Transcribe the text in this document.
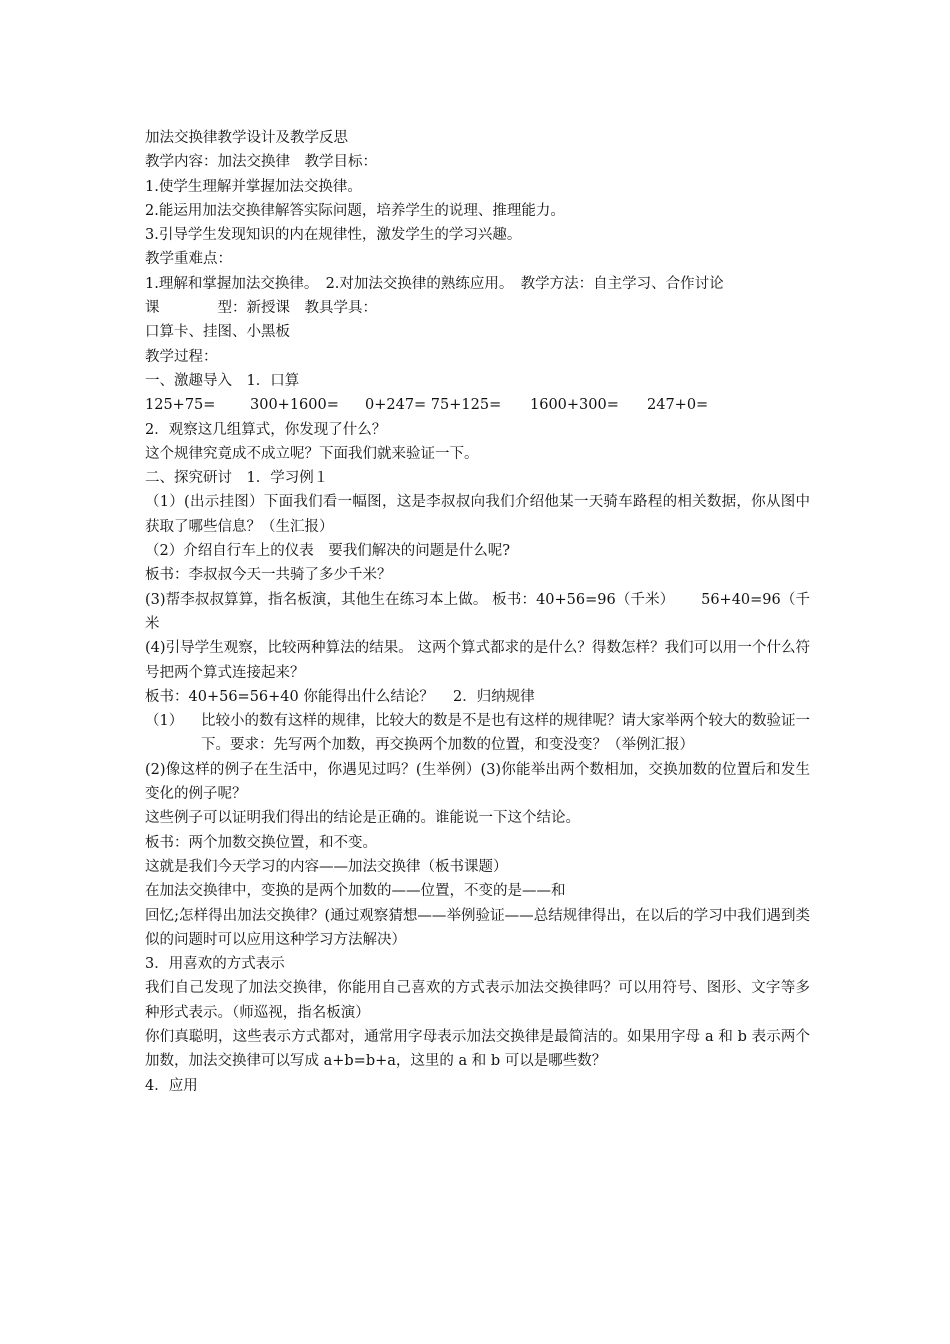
加法交换律教学设计及教学反思
教学内容：加法交换律　教学目标：
1.使学生理解并掌握加法交换律。
2.能运用加法交换律解答实际问题，培养学生的说理、推理能力。
3.引导学生发现知识的内在规律性，激发学生的学习兴趣。
教学重难点：
1.理解和掌握加法交换律。　2.对加法交换律的熟练应用。　教学方法：自主学习、合作讨论
课　　　　型：新授课　教具学具：
口算卡、挂图、小黑板
教学过程：
一、激趣导入　1．口算
125+75= 300+1600= 0+247= 75+125= 1600+300= 247+0=
2．观察这几组算式，你发现了什么？
这个规律究竟成不成立呢？下面我们就来验证一下。
二、探究研讨　1．学习例１
（1）(出示挂图）下面我们看一幅图，这是李叔叔向我们介绍他某一天骑车路程的相关数据，你从图中获取了哪些信息？（生汇报）
（2）介绍自行车上的仪表　要我们解决的问题是什么呢?
板书：李叔叔今天一共骑了多少千米？
(3)帮李叔叔算算，指名板演，其他生在练习本上做。 板书：40+56=96（千米）　　 56+40=96（千米
(4)引导学生观察，比较两种算法的结果。 这两个算式都求的是什么？得数怎样？我们可以用一个什么符号把两个算式连接起来？
板书：40+56=56+40 你能得出什么结论？　 2．归纳规律
（1）	比较小的数有这样的规律，比较大的数是不是也有这样的规律呢？请大家举两个较大的数验证一下。要求：先写两个加数，再交换两个加数的位置，和变没变？（举例汇报）
(2)像这样的例子在生活中，你遇见过吗？(生举例）(3)你能举出两个数相加，交换加数的位置后和发生变化的例子呢？
这些例子可以证明我们得出的结论是正确的。谁能说一下这个结论。
板书：两个加数交换位置，和不变。
这就是我们今天学习的内容——加法交换律（板书课题）
在加法交换律中，变换的是两个加数的——位置，不变的是——和
回忆;怎样得出加法交换律？(通过观察猜想——举例验证——总结规律得出，在以后的学习中我们遇到类似的问题时可以应用这种学习方法解决）
3．用喜欢的方式表示
我们自己发现了加法交换律，你能用自己喜欢的方式表示加法交换律吗？可以用符号、图形、文字等多种形式表示。（师巡视，指名板演）
你们真聪明，这些表示方式都对，通常用字母表示加法交换律是最简洁的。如果用字母 a 和 b 表示两个加数，加法交换律可以写成 a+b=b+a，这里的 a 和 b 可以是哪些数？
4．应用
